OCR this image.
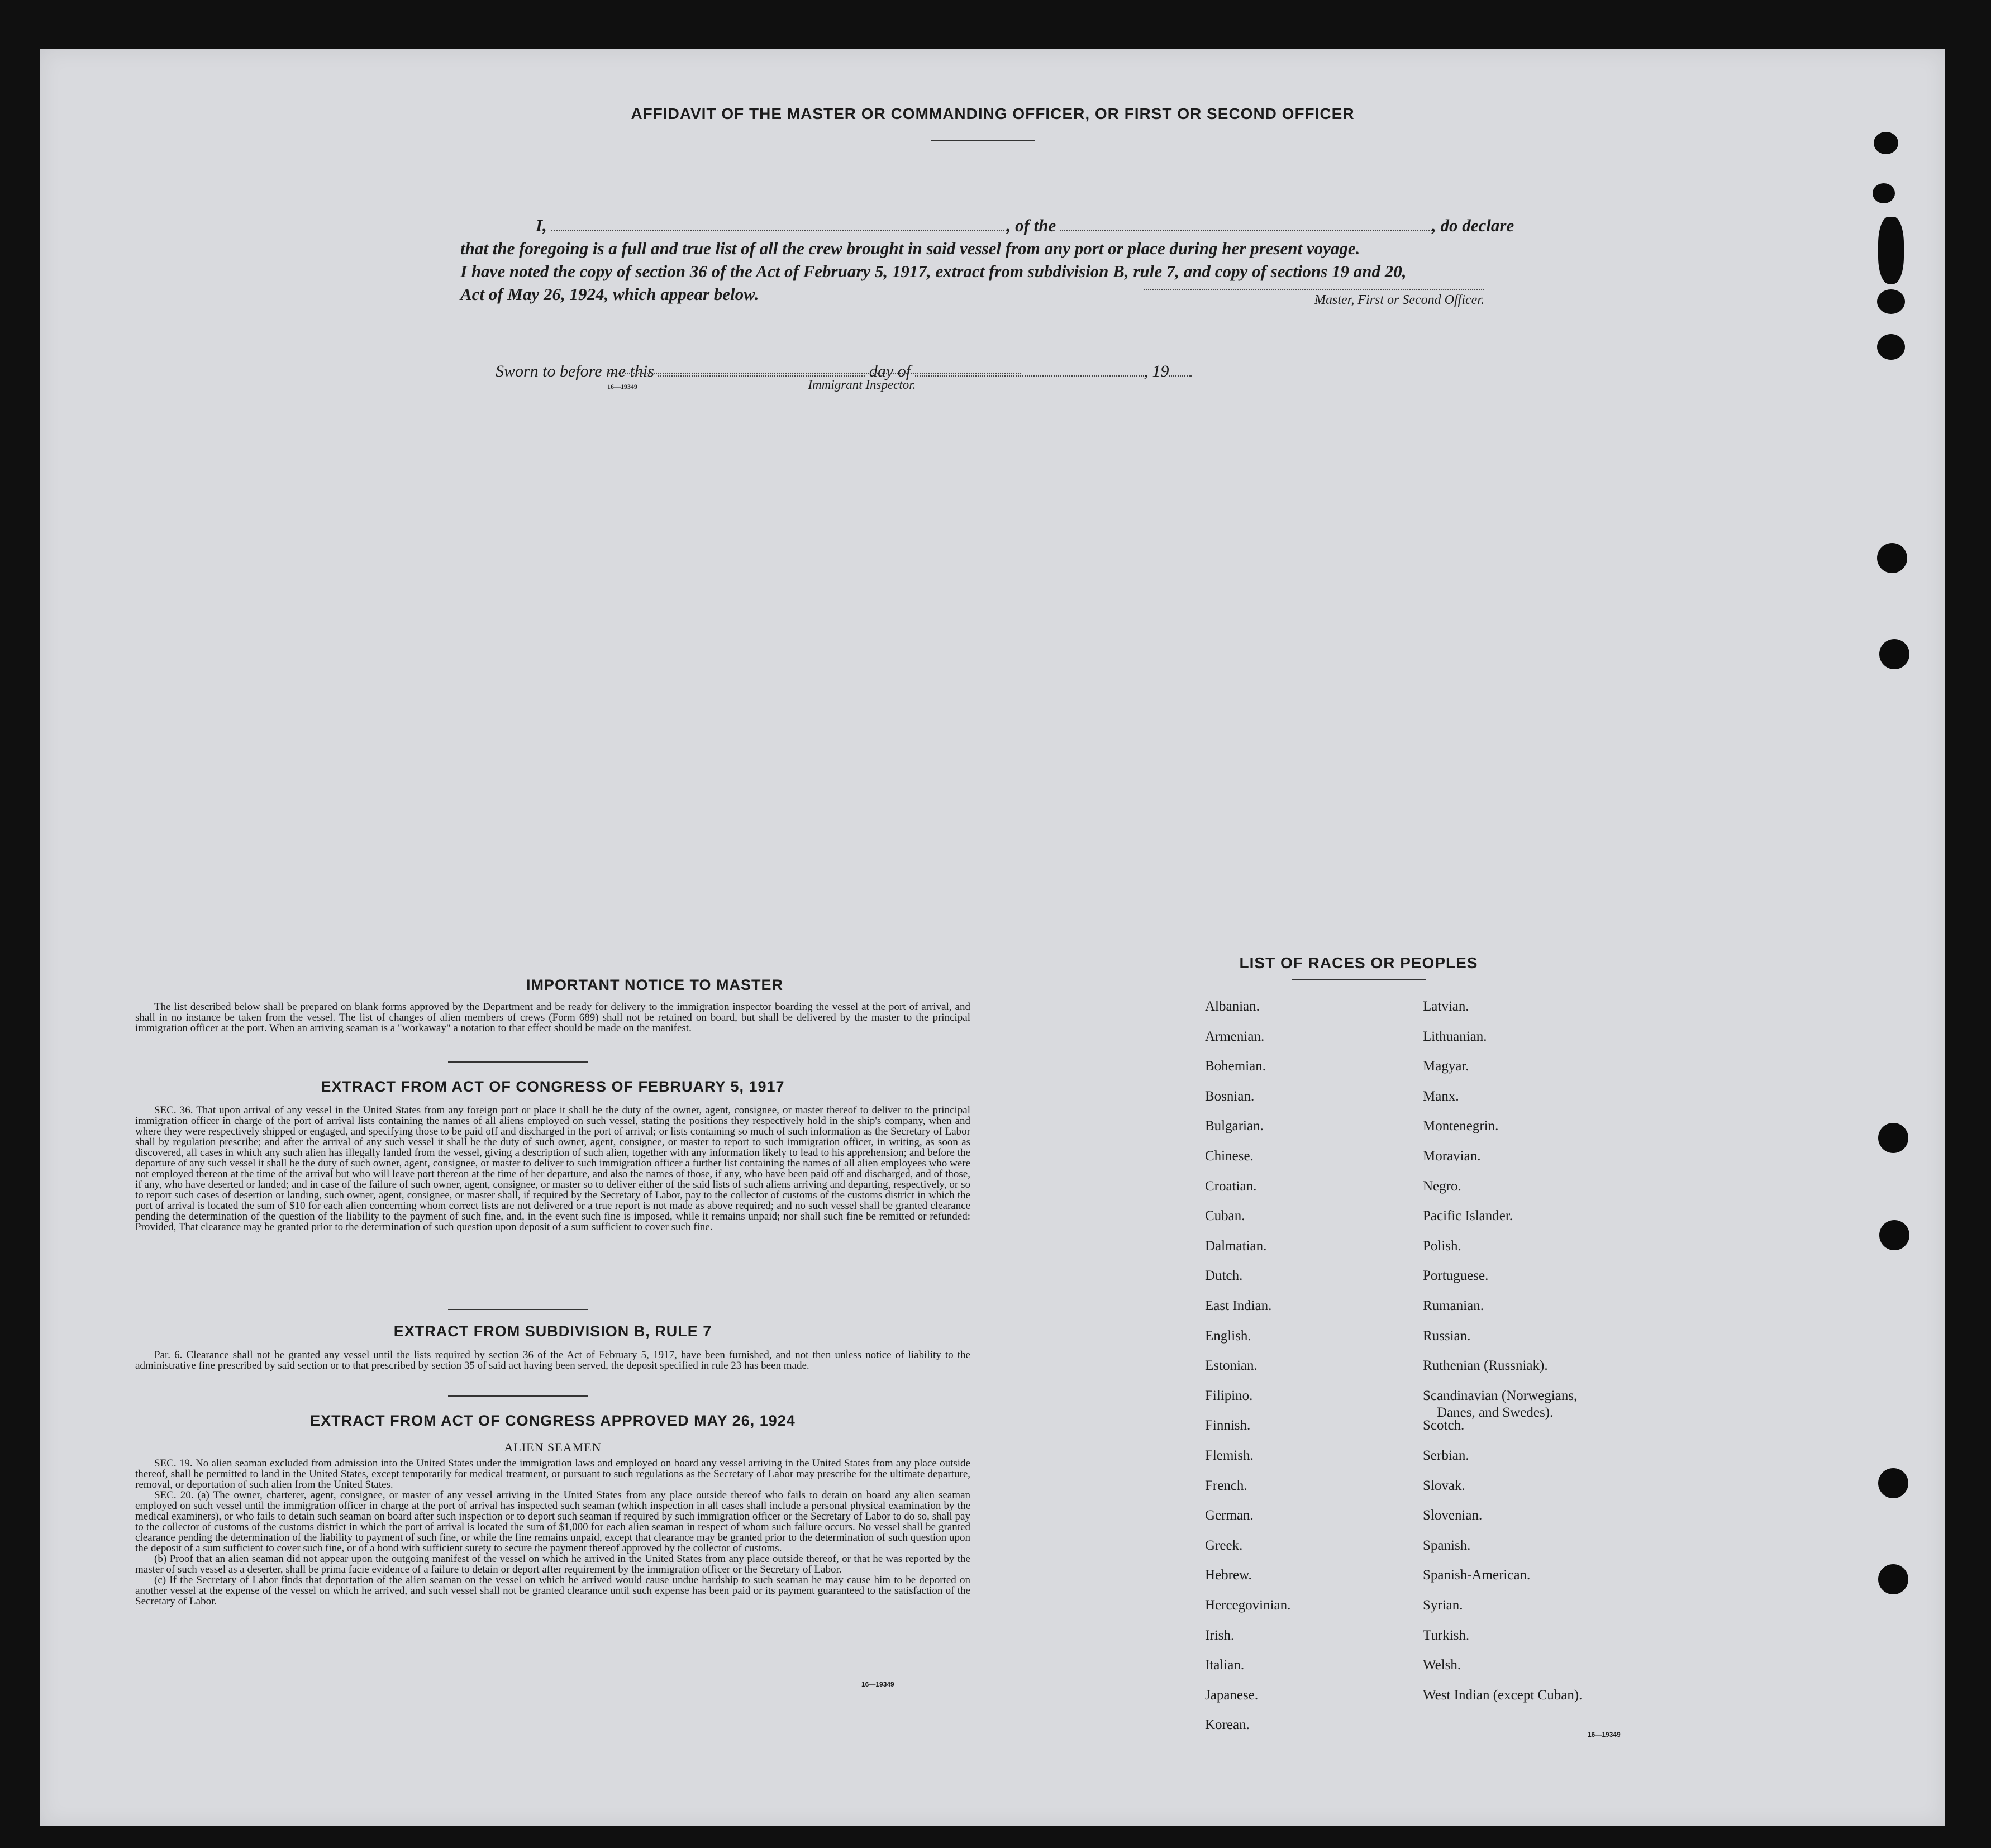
AFFIDAVIT OF THE MASTER OR COMMANDING OFFICER, OR FIRST OR SECOND OFFICER
I,	, of the	, do declare
that the foregoing is a full and true list of all the crew brought in said vessel from any port or place during her present voyage.
I have noted the copy of section 36 of the Act of February 5, 1917, extract from subdivision B, rule 7, and copy of sections 19 and 20,
Act of May 26, 1924, which appear below.	Master, First or Second Officer.
Sworn to before me this	day of	, 19
16—19349	Immigrant Inspector.
IMPORTANT NOTICE TO MASTER

The list described below shall be prepared on blank forms approved by the Department and be ready for delivery to the immigration inspector boarding the vessel at the port of arrival, and shall in no instance be taken from the vessel. The list of changes of alien members of crews (Form 689) shall not be retained on board, but shall be delivered by the master to the principal immigration officer at the port. When an arriving seaman is a "workaway" a notation to that effect should be made on the manifest.

EXTRACT FROM ACT OF CONGRESS OF FEBRUARY 5, 1917

SEC. 36. That upon arrival of any vessel in the United States from any foreign port or place it shall be the duty of the owner, agent, consignee, or master thereof to deliver to the principal immigration officer in charge of the port of arrival lists containing the names of all aliens employed on such vessel, stating the positions they respectively hold in the ship's company, when and where they were respectively shipped or engaged, and specifying those to be paid off and discharged in the port of arrival; or lists containing so much of such information as the Secretary of Labor shall by regulation prescribe; and after the arrival of any such vessel it shall be the duty of such owner, agent, consignee, or master to report to such immigration officer, in writing, as soon as discovered, all cases in which any such alien has illegally landed from the vessel, giving a description of such alien, together with any information likely to lead to his apprehension; and before the departure of any such vessel it shall be the duty of such owner, agent, consignee, or master to deliver to such immigration officer a further list containing the names of all alien employees who were not employed thereon at the time of the arrival but who will leave port thereon at the time of her departure, and also the names of those, if any, who have been paid off and discharged, and of those, if any, who have deserted or landed; and in case of the failure of such owner, agent, consignee, or master so to deliver either of the said lists of such aliens arriving and departing, respectively, or so to report such cases of desertion or landing, such owner, agent, consignee, or master shall, if required by the Secretary of Labor, pay to the collector of customs of the customs district in which the port of arrival is located the sum of $10 for each alien concerning whom correct lists are not delivered or a true report is not made as above required; and no such vessel shall be granted clearance pending the determination of the question of the liability to the payment of such fine, and, in the event such fine is imposed, while it remains unpaid; nor shall such fine be remitted or refunded: Provided, That clearance may be granted prior to the determination of such question upon deposit of a sum sufficient to cover such fine.

EXTRACT FROM SUBDIVISION B, RULE 7

Par. 6. Clearance shall not be granted any vessel until the lists required by section 36 of the Act of February 5, 1917, have been furnished, and not then unless notice of liability to the administrative fine prescribed by said section or to that prescribed by section 35 of said act having been served, the deposit specified in rule 23 has been made.

EXTRACT FROM ACT OF CONGRESS APPROVED MAY 26, 1924
ALIEN SEAMEN

SEC. 19. No alien seaman excluded from admission into the United States under the immigration laws and employed on board any vessel arriving in the United States from any place outside thereof, shall be permitted to land in the United States, except temporarily for medical treatment, or pursuant to such regulations as the Secretary of Labor may prescribe for the ultimate departure, removal, or deportation of such alien from the United States.

SEC. 20. (a) The owner, charterer, agent, consignee, or master of any vessel arriving in the United States from any place outside thereof who fails to detain on board any alien seaman employed on such vessel until the immigration officer in charge at the port of arrival has inspected such seaman (which inspection in all cases shall include a personal physical examination by the medical examiners), or who fails to detain such seaman on board after such inspection or to deport such seaman if required by such immigration officer or the Secretary of Labor to do so, shall pay to the collector of customs of the customs district in which the port of arrival is located the sum of $1,000 for each alien seaman in respect of whom such failure occurs. No vessel shall be granted clearance pending the determination of the liability to payment of such fine, or while the fine remains unpaid, except that clearance may be granted prior to the determination of such question upon the deposit of a sum sufficient to cover such fine, or of a bond with sufficient surety to secure the payment thereof approved by the collector of customs.

(b) Proof that an alien seaman did not appear upon the outgoing manifest of the vessel on which he arrived in the United States from any place outside thereof, or that he was reported by the master of such vessel as a deserter, shall be prima facie evidence of a failure to detain or deport after requirement by the immigration officer or the Secretary of Labor.

(c) If the Secretary of Labor finds that deportation of the alien seaman on the vessel on which he arrived would cause undue hardship to such seaman he may cause him to be deported on another vessel at the expense of the vessel on which he arrived, and such vessel shall not be granted clearance until such expense has been paid or its payment guaranteed to the satisfaction of the Secretary of Labor.

16—19349
LIST OF RACES OR PEOPLES
Albanian.
Armenian.
Bohemian.
Bosnian.
Bulgarian.
Chinese.
Croatian.
Cuban.
Dalmatian.
Dutch.
East Indian.
English.
Estonian.
Filipino.
Finnish.
Flemish.
French.
German.
Greek.
Hebrew.
Hercegovinian.
Irish.
Italian.
Japanese.
Korean.
Latvian.
Lithuanian.
Magyar.
Manx.
Montenegrin.
Moravian.
Negro.
Pacific Islander.
Polish.
Portuguese.
Rumanian.
Russian.
Ruthenian (Russniak).
Scandinavian (Norwegians,
Danes, and Swedes).
Scotch.
Serbian.
Slovak.
Slovenian.
Spanish.
Spanish-American.
Syrian.
Turkish.
Welsh.
West Indian (except Cuban).
16—19349
